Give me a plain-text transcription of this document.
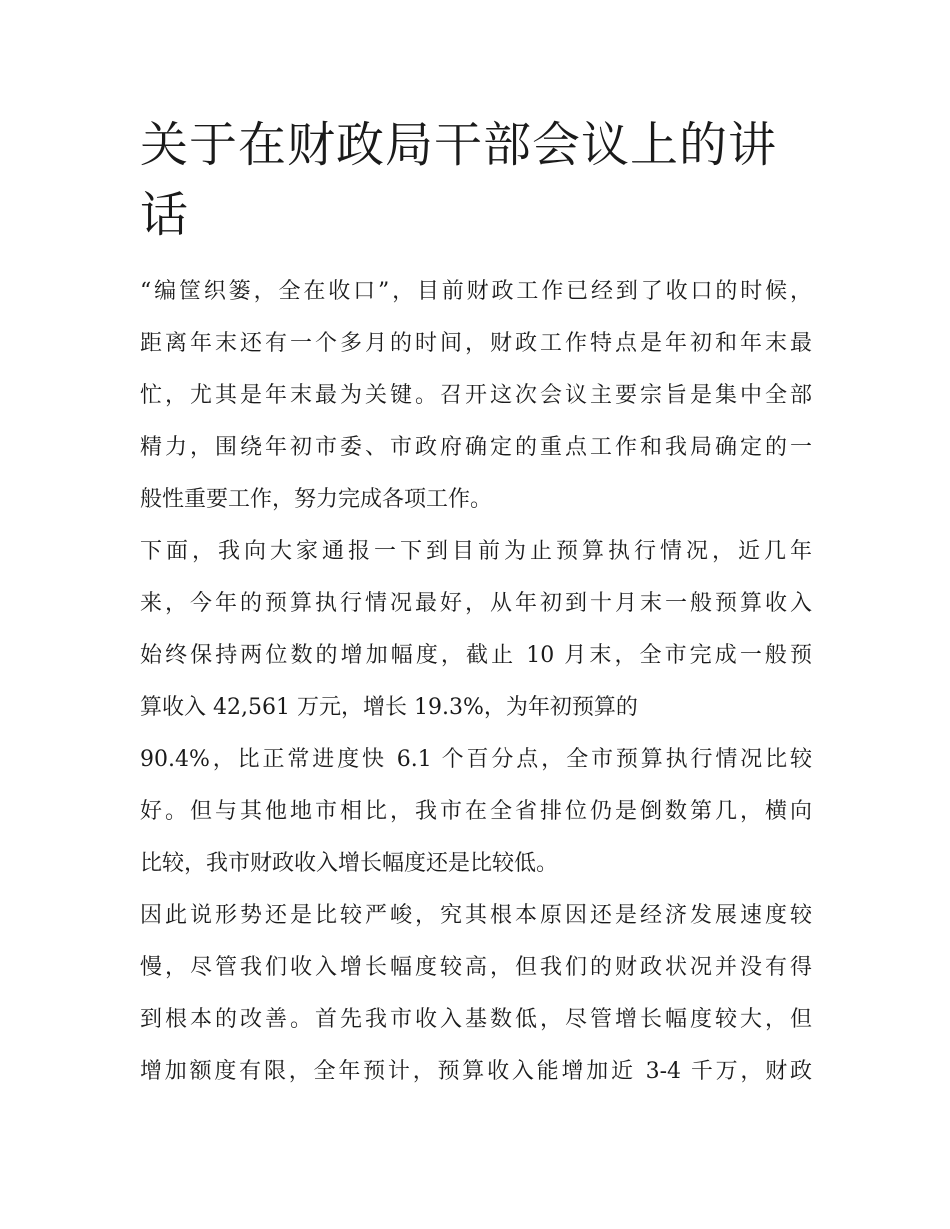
关于在财政局干部会议上的讲
话

“编筐织篓，全在收口”，目前财政工作已经到了收口的时候，
距离年末还有一个多月的时间，财政工作特点是年初和年末最
忙，尤其是年末最为关键。召开这次会议主要宗旨是集中全部
精力，围绕年初市委、市政府确定的重点工作和我局确定的一
般性重要工作，努力完成各项工作。

下面，我向大家通报一下到目前为止预算执行情况，近几年
来，今年的预算执行情况最好，从年初到十月末一般预算收入
始终保持两位数的增加幅度，截止 10 月末，全市完成一般预
算收入 42,561 万元，增长 19.3%，为年初预算的
90.4%，比正常进度快 6.1 个百分点，全市预算执行情况比较
好。但与其他地市相比，我市在全省排位仍是倒数第几，横向
比较，我市财政收入增长幅度还是比较低。

因此说形势还是比较严峻，究其根本原因还是经济发展速度较
慢，尽管我们收入增长幅度较高，但我们的财政状况并没有得
到根本的改善。首先我市收入基数低，尽管增长幅度较大，但
增加额度有限，全年预计，预算收入能增加近 3-4 千万，财政
